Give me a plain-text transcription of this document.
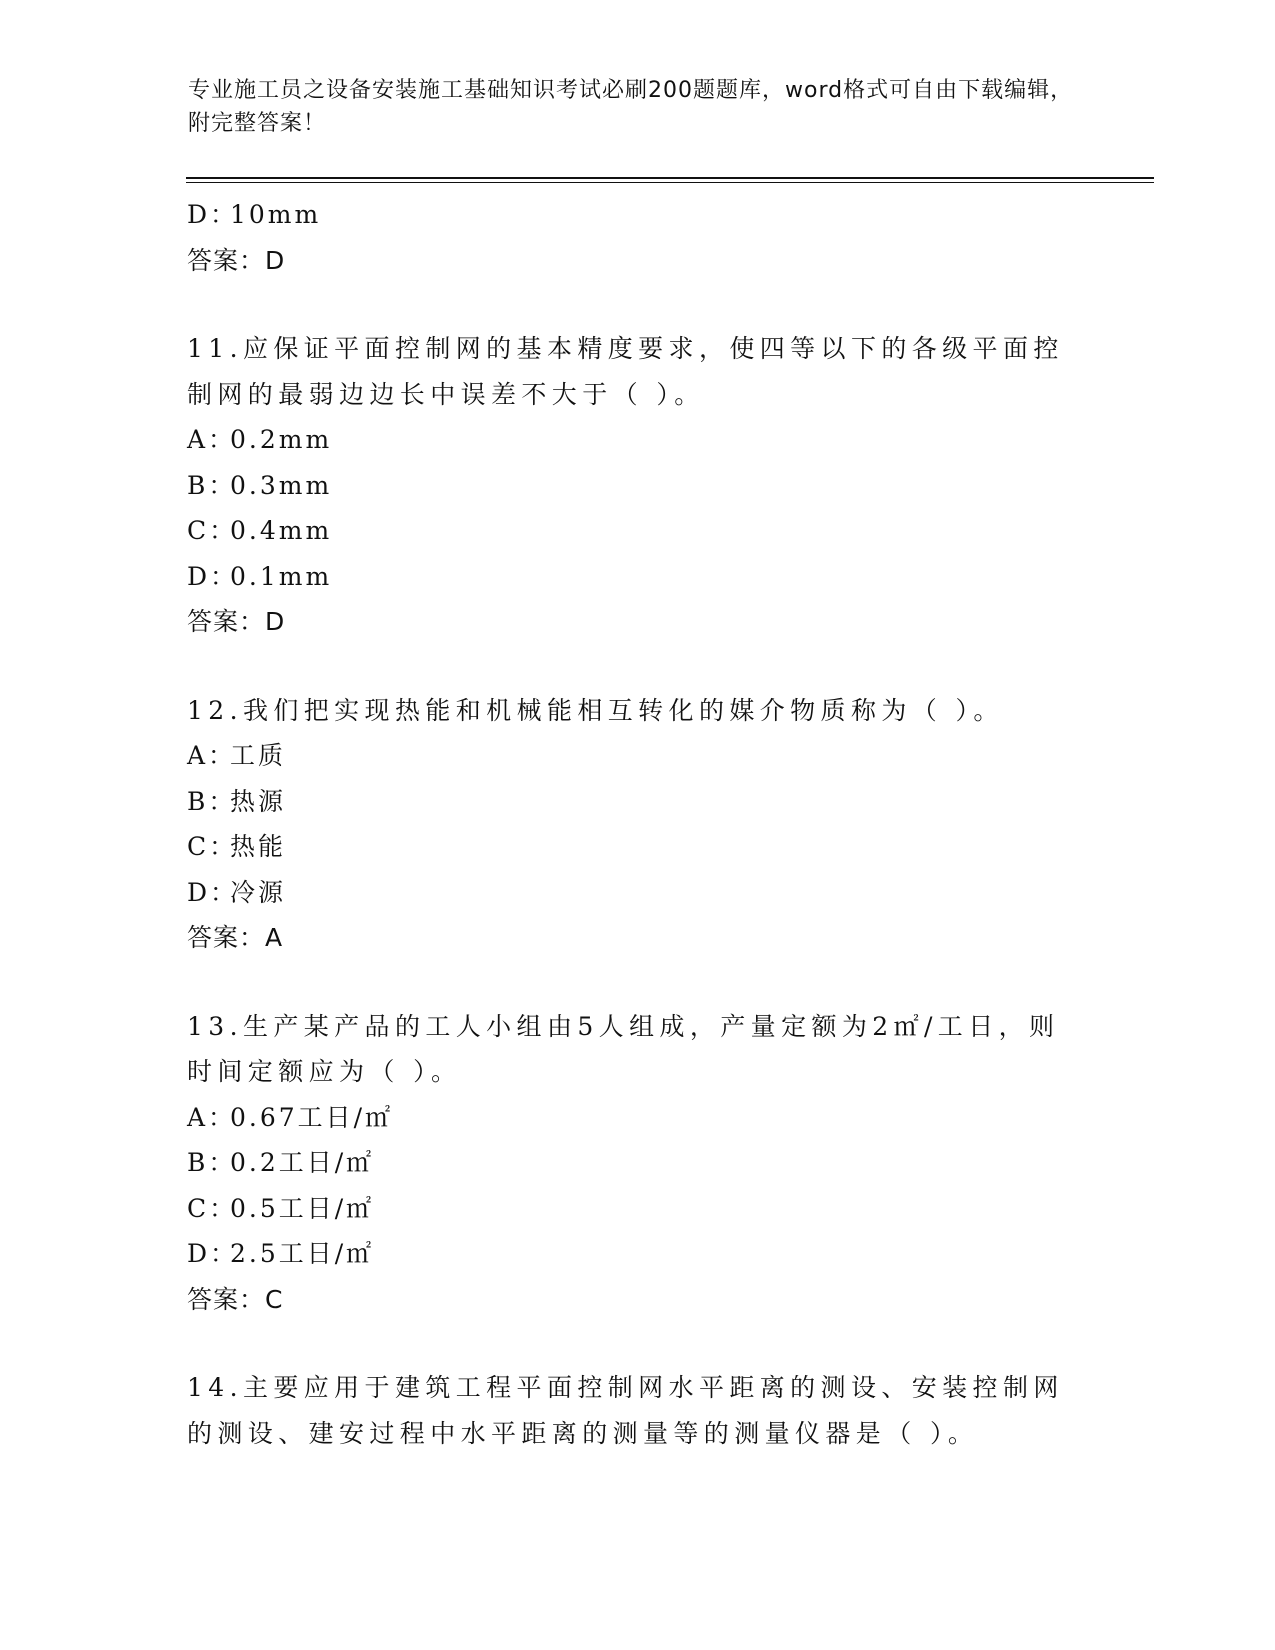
专业施工员之设备安装施工基础知识考试必刷200题题库，word格式可自由下载编辑，附完整答案！
D：10mm
答案：D
11.应保证平面控制网的基本精度要求，使四等以下的各级平面控制网的最弱边边长中误差不大于（ ）。
A：0.2mm
B：0.3mm
C：0.4mm
D：0.1mm
答案：D
12.我们把实现热能和机械能相互转化的媒介物质称为（ ）。
A：工质
B：热源
C：热能
D：冷源
答案：A
13.生产某产品的工人小组由5人组成，产量定额为2㎡/工日，则时间定额应为（ ）。
A：0.67工日/㎡
B：0.2工日/㎡
C：0.5工日/㎡
D：2.5工日/㎡
答案：C
14.主要应用于建筑工程平面控制网水平距离的测设、安装控制网的测设、建安过程中水平距离的测量等的测量仪器是（ ）。
